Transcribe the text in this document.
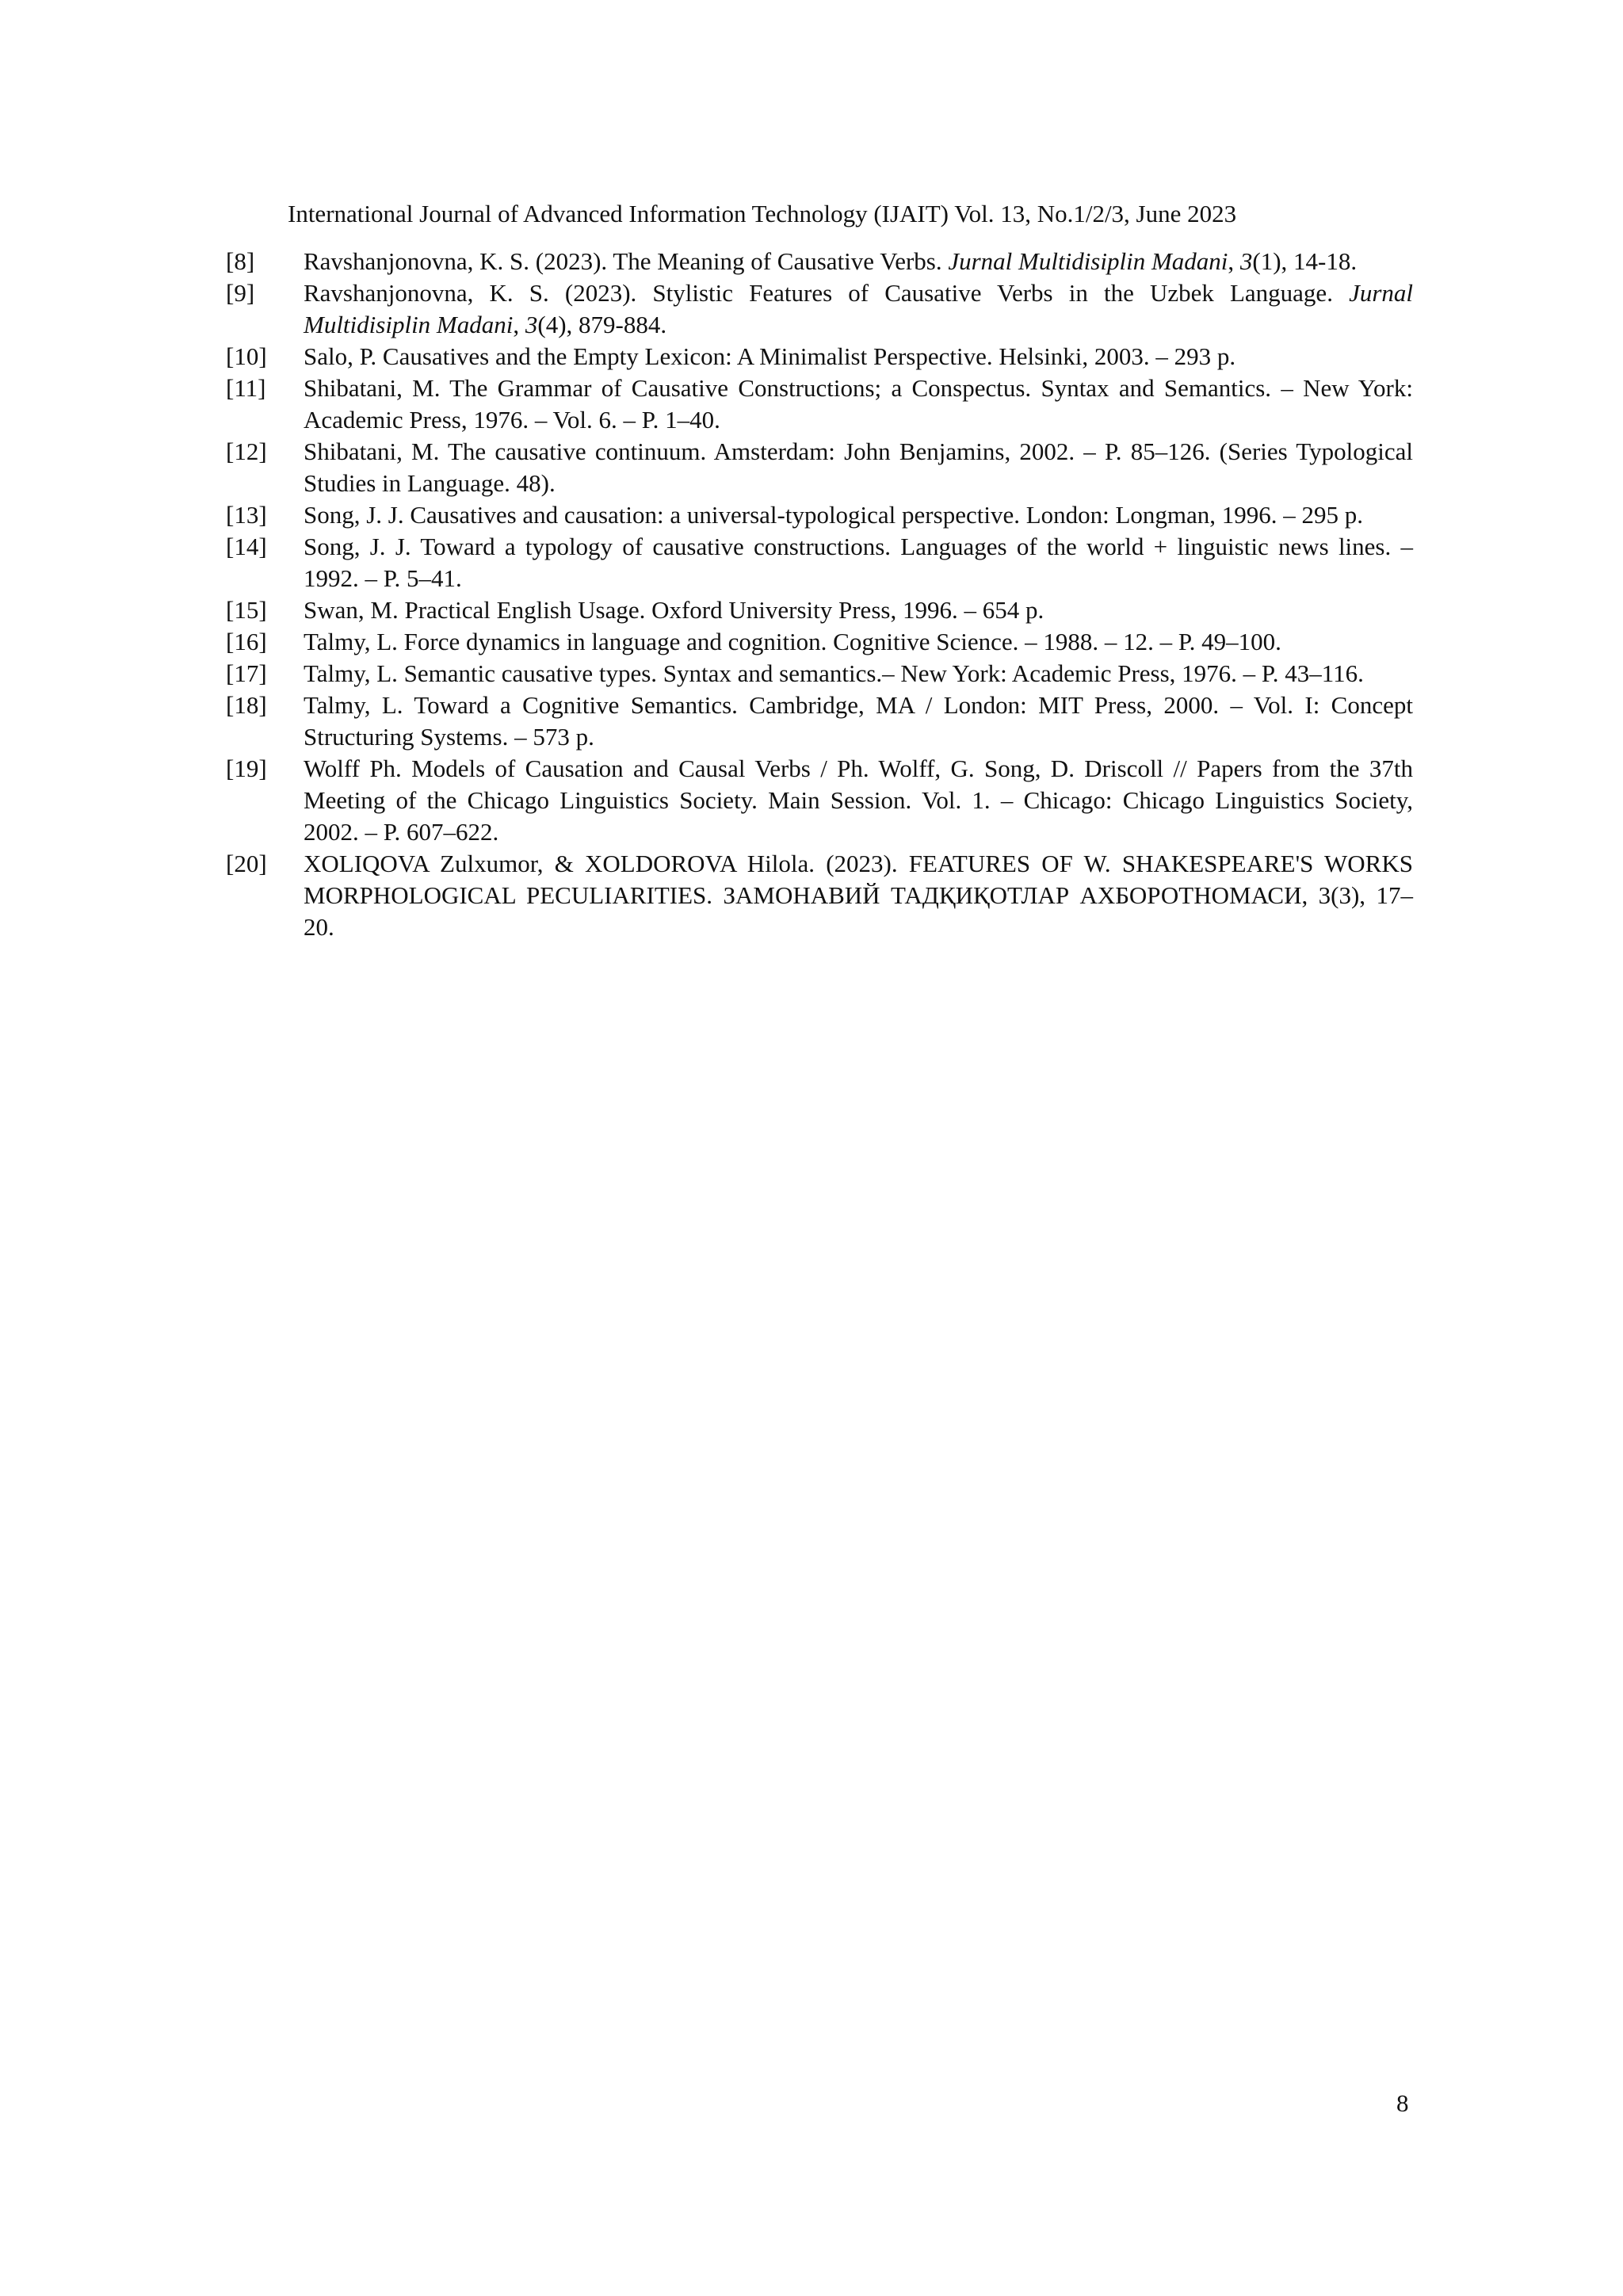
International Journal of Advanced Information Technology (IJAIT) Vol. 13, No.1/2/3, June 2023
[8]	Ravshanjonovna, K. S. (2023). The Meaning of Causative Verbs. Jurnal Multidisiplin Madani, 3(1), 14-18.
[9]	Ravshanjonovna, K. S. (2023). Stylistic Features of Causative Verbs in the Uzbek Language. Jurnal Multidisiplin Madani, 3(4), 879-884.
[10]	Salo, P. Causatives and the Empty Lexicon: A Minimalist Perspective. Helsinki, 2003. – 293 p.
[11]	Shibatani, M. The Grammar of Causative Constructions; a Conspectus. Syntax and Semantics. – New York: Academic Press, 1976. – Vol. 6. – P. 1–40.
[12]	Shibatani, M. The causative continuum. Amsterdam: John Benjamins, 2002. – P. 85–126. (Series Typological Studies in Language. 48).
[13]	Song, J. J. Causatives and causation: a universal-typological perspective. London: Longman, 1996. – 295 p.
[14]	Song, J. J. Toward a typology of causative constructions. Languages of the world + linguistic news lines. – 1992. – P. 5–41.
[15]	Swan, M. Practical English Usage. Oxford University Press, 1996. – 654 p.
[16]	Talmy, L. Force dynamics in language and cognition. Cognitive Science. – 1988. – 12. – P. 49–100.
[17]	Talmy, L. Semantic causative types. Syntax and semantics.– New York: Academic Press, 1976. – P. 43–116.
[18]	Talmy, L. Toward a Cognitive Semantics. Cambridge, MA / London: MIT Press, 2000. – Vol. I: Concept Structuring Systems. – 573 p.
[19]	Wolff Ph. Models of Causation and Causal Verbs / Ph. Wolff, G. Song, D. Driscoll // Papers from the 37th Meeting of the Chicago Linguistics Society. Main Session. Vol. 1. – Chicago: Chicago Linguistics Society, 2002. – P. 607–622.
[20]	XOLIQOVA Zulxumor, & XOLDOROVA Hilola. (2023). FEATURES OF W. SHAKESPEARE'S WORKS MORPHOLOGICAL PECULIARITIES. ЗАМОНАВИЙ ТАДҚИҚОТЛАР АХБОРОТНОМАСИ, 3(3), 17–20.
8
